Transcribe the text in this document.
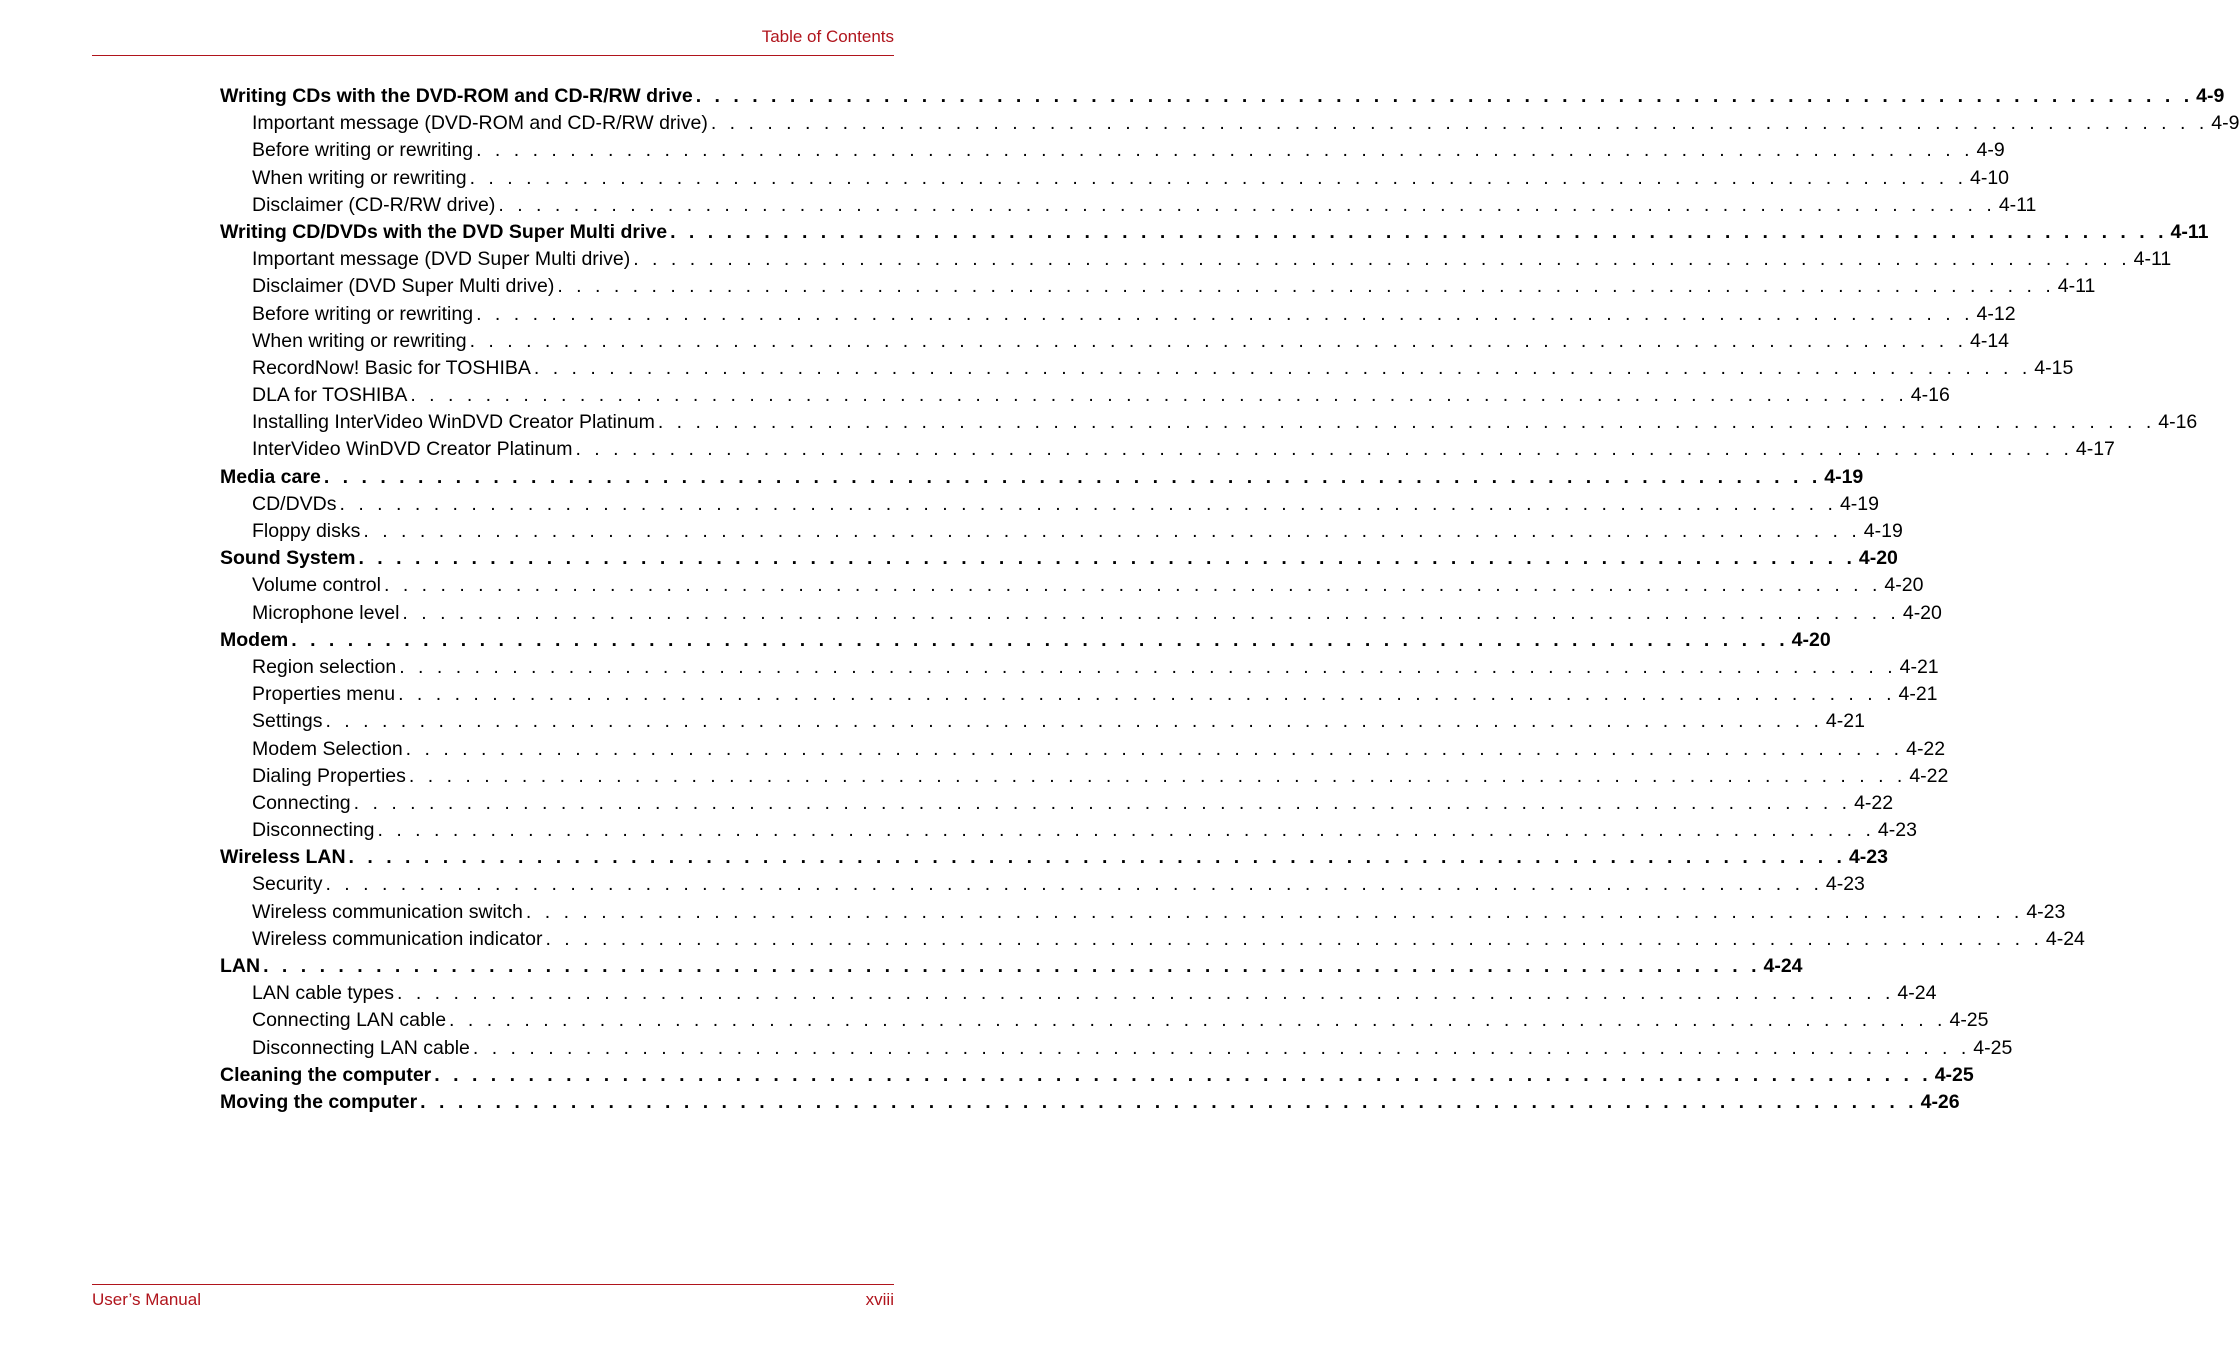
Table of Contents
Writing CDs with the DVD-ROM and CD-R/RW drive . . . . . . . . . . . . . . . . . . . . . . . . . . . . . . . . . . . . . . . . . . . . . . . . . . . . . . . . . . . . . . . . . . . . . . . . . . . . . . . . 4-9
Important message (DVD-ROM and CD-R/RW drive) . . . . . . . . . . . . . . . . . . . . . . . . . . . . . . . . . . . . . . . . . . . . . . . . . . . . . . . . . . . . . . . . . . . . . . . . . . . . . . . . 4-9
Before writing or rewriting . . . . . . . . . . . . . . . . . . . . . . . . . . . . . . . . . . . . . . . . . . . . . . . . . . . . . . . . . . . . . . . . . . . . . . . . . . . . . . . . 4-9
When writing or rewriting . . . . . . . . . . . . . . . . . . . . . . . . . . . . . . . . . . . . . . . . . . . . . . . . . . . . . . . . . . . . . . . . . . . . . . . . . . . . . . . . 4-10
Disclaimer (CD-R/RW drive) . . . . . . . . . . . . . . . . . . . . . . . . . . . . . . . . . . . . . . . . . . . . . . . . . . . . . . . . . . . . . . . . . . . . . . . . . . . . . . . . 4-11
Writing CD/DVDs with the DVD Super Multi drive . . . . . . . . . . . . . . . . . . . . . . . . . . . . . . . . . . . . . . . . . . . . . . . . . . . . . . . . . . . . . . . . . . . . . . . . . . . . . . . . 4-11
Important message (DVD Super Multi drive) . . . . . . . . . . . . . . . . . . . . . . . . . . . . . . . . . . . . . . . . . . . . . . . . . . . . . . . . . . . . . . . . . . . . . . . . . . . . . . . . 4-11
Disclaimer (DVD Super Multi drive) . . . . . . . . . . . . . . . . . . . . . . . . . . . . . . . . . . . . . . . . . . . . . . . . . . . . . . . . . . . . . . . . . . . . . . . . . . . . . . . . 4-11
Before writing or rewriting . . . . . . . . . . . . . . . . . . . . . . . . . . . . . . . . . . . . . . . . . . . . . . . . . . . . . . . . . . . . . . . . . . . . . . . . . . . . . . . . 4-12
When writing or rewriting . . . . . . . . . . . . . . . . . . . . . . . . . . . . . . . . . . . . . . . . . . . . . . . . . . . . . . . . . . . . . . . . . . . . . . . . . . . . . . . . 4-14
RecordNow! Basic for TOSHIBA . . . . . . . . . . . . . . . . . . . . . . . . . . . . . . . . . . . . . . . . . . . . . . . . . . . . . . . . . . . . . . . . . . . . . . . . . . . . . . . . 4-15
DLA for TOSHIBA . . . . . . . . . . . . . . . . . . . . . . . . . . . . . . . . . . . . . . . . . . . . . . . . . . . . . . . . . . . . . . . . . . . . . . . . . . . . . . . . 4-16
Installing InterVideo WinDVD Creator Platinum . . . . . . . . . . . . . . . . . . . . . . . . . . . . . . . . . . . . . . . . . . . . . . . . . . . . . . . . . . . . . . . . . . . . . . . . . . . . . . . . 4-16
InterVideo WinDVD Creator Platinum . . . . . . . . . . . . . . . . . . . . . . . . . . . . . . . . . . . . . . . . . . . . . . . . . . . . . . . . . . . . . . . . . . . . . . . . . . . . . . . . 4-17
Media care . . . . . . . . . . . . . . . . . . . . . . . . . . . . . . . . . . . . . . . . . . . . . . . . . . . . . . . . . . . . . . . . . . . . . . . . . . . . . . . . 4-19
CD/DVDs . . . . . . . . . . . . . . . . . . . . . . . . . . . . . . . . . . . . . . . . . . . . . . . . . . . . . . . . . . . . . . . . . . . . . . . . . . . . . . . . 4-19
Floppy disks . . . . . . . . . . . . . . . . . . . . . . . . . . . . . . . . . . . . . . . . . . . . . . . . . . . . . . . . . . . . . . . . . . . . . . . . . . . . . . . . 4-19
Sound System . . . . . . . . . . . . . . . . . . . . . . . . . . . . . . . . . . . . . . . . . . . . . . . . . . . . . . . . . . . . . . . . . . . . . . . . . . . . . . . . 4-20
Volume control . . . . . . . . . . . . . . . . . . . . . . . . . . . . . . . . . . . . . . . . . . . . . . . . . . . . . . . . . . . . . . . . . . . . . . . . . . . . . . . . 4-20
Microphone level . . . . . . . . . . . . . . . . . . . . . . . . . . . . . . . . . . . . . . . . . . . . . . . . . . . . . . . . . . . . . . . . . . . . . . . . . . . . . . . . 4-20
Modem . . . . . . . . . . . . . . . . . . . . . . . . . . . . . . . . . . . . . . . . . . . . . . . . . . . . . . . . . . . . . . . . . . . . . . . . . . . . . . . . 4-20
Region selection . . . . . . . . . . . . . . . . . . . . . . . . . . . . . . . . . . . . . . . . . . . . . . . . . . . . . . . . . . . . . . . . . . . . . . . . . . . . . . . . 4-21
Properties menu . . . . . . . . . . . . . . . . . . . . . . . . . . . . . . . . . . . . . . . . . . . . . . . . . . . . . . . . . . . . . . . . . . . . . . . . . . . . . . . . 4-21
Settings . . . . . . . . . . . . . . . . . . . . . . . . . . . . . . . . . . . . . . . . . . . . . . . . . . . . . . . . . . . . . . . . . . . . . . . . . . . . . . . . 4-21
Modem Selection . . . . . . . . . . . . . . . . . . . . . . . . . . . . . . . . . . . . . . . . . . . . . . . . . . . . . . . . . . . . . . . . . . . . . . . . . . . . . . . . 4-22
Dialing Properties . . . . . . . . . . . . . . . . . . . . . . . . . . . . . . . . . . . . . . . . . . . . . . . . . . . . . . . . . . . . . . . . . . . . . . . . . . . . . . . . 4-22
Connecting . . . . . . . . . . . . . . . . . . . . . . . . . . . . . . . . . . . . . . . . . . . . . . . . . . . . . . . . . . . . . . . . . . . . . . . . . . . . . . . . 4-22
Disconnecting . . . . . . . . . . . . . . . . . . . . . . . . . . . . . . . . . . . . . . . . . . . . . . . . . . . . . . . . . . . . . . . . . . . . . . . . . . . . . . . . 4-23
Wireless LAN . . . . . . . . . . . . . . . . . . . . . . . . . . . . . . . . . . . . . . . . . . . . . . . . . . . . . . . . . . . . . . . . . . . . . . . . . . . . . . . . 4-23
Security . . . . . . . . . . . . . . . . . . . . . . . . . . . . . . . . . . . . . . . . . . . . . . . . . . . . . . . . . . . . . . . . . . . . . . . . . . . . . . . . 4-23
Wireless communication switch . . . . . . . . . . . . . . . . . . . . . . . . . . . . . . . . . . . . . . . . . . . . . . . . . . . . . . . . . . . . . . . . . . . . . . . . . . . . . . . . 4-23
Wireless communication indicator . . . . . . . . . . . . . . . . . . . . . . . . . . . . . . . . . . . . . . . . . . . . . . . . . . . . . . . . . . . . . . . . . . . . . . . . . . . . . . . . 4-24
LAN . . . . . . . . . . . . . . . . . . . . . . . . . . . . . . . . . . . . . . . . . . . . . . . . . . . . . . . . . . . . . . . . . . . . . . . . . . . . . . . . 4-24
LAN cable types . . . . . . . . . . . . . . . . . . . . . . . . . . . . . . . . . . . . . . . . . . . . . . . . . . . . . . . . . . . . . . . . . . . . . . . . . . . . . . . . 4-24
Connecting LAN cable . . . . . . . . . . . . . . . . . . . . . . . . . . . . . . . . . . . . . . . . . . . . . . . . . . . . . . . . . . . . . . . . . . . . . . . . . . . . . . . . 4-25
Disconnecting LAN cable . . . . . . . . . . . . . . . . . . . . . . . . . . . . . . . . . . . . . . . . . . . . . . . . . . . . . . . . . . . . . . . . . . . . . . . . . . . . . . . . 4-25
Cleaning the computer . . . . . . . . . . . . . . . . . . . . . . . . . . . . . . . . . . . . . . . . . . . . . . . . . . . . . . . . . . . . . . . . . . . . . . . . . . . . . . . . 4-25
Moving the computer . . . . . . . . . . . . . . . . . . . . . . . . . . . . . . . . . . . . . . . . . . . . . . . . . . . . . . . . . . . . . . . . . . . . . . . . . . . . . . . . 4-26
User’s Manual	xviii
